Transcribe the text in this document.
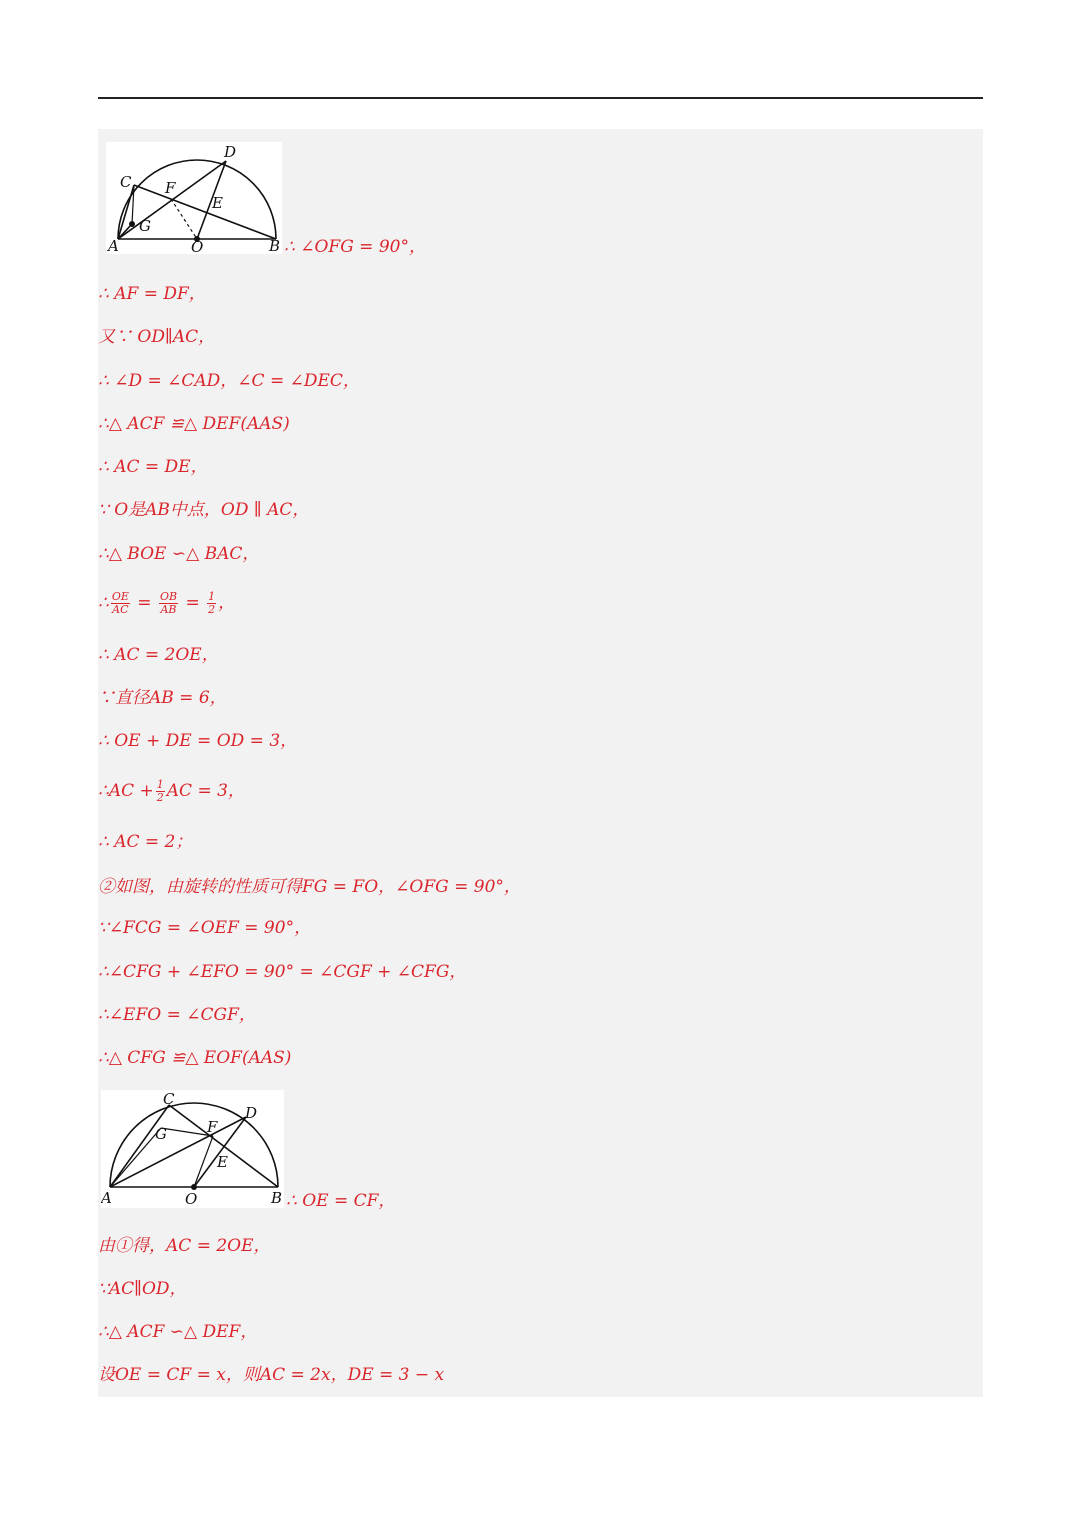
A	O	B
C
D
E
F
G
A	O	B
C
D
E
F
G
∴ ∠OFG = 90°，
∴ AF = DF，
又∵ OD∥AC，
∴ ∠D = ∠CAD，∠C = ∠DEC，
∴△ ACF ≌△ DEF(AAS)
∴ AC = DE，
∵ O是AB中点，OD ∥ AC，
∴△ BOE ∽△ BAC，
∴ $\frac{OE}{AC} = \frac{OB}{AB} = \frac{1}{2}$ ，
∴ AC = 2OE，
∵直径AB = 6，
∴ OE + DE = OD = 3，
∴AC + $\frac{1}{2}$ AC = 3，
∴ AC = 2；
②如图，由旋转的性质可得FG = FO，∠OFG = 90°，
∵∠FCG = ∠OEF = 90°，
∴∠CFG + ∠EFO = 90° = ∠CGF + ∠CFG，
∴∠EFO = ∠CGF，
∴△ CFG ≌△ EOF(AAS)
∴ OE = CF，
由①得，AC = 2OE，
∵AC∥OD，
∴△ ACF ∽△ DEF，
设OE = CF = x，则AC = 2x，DE = 3 − x
